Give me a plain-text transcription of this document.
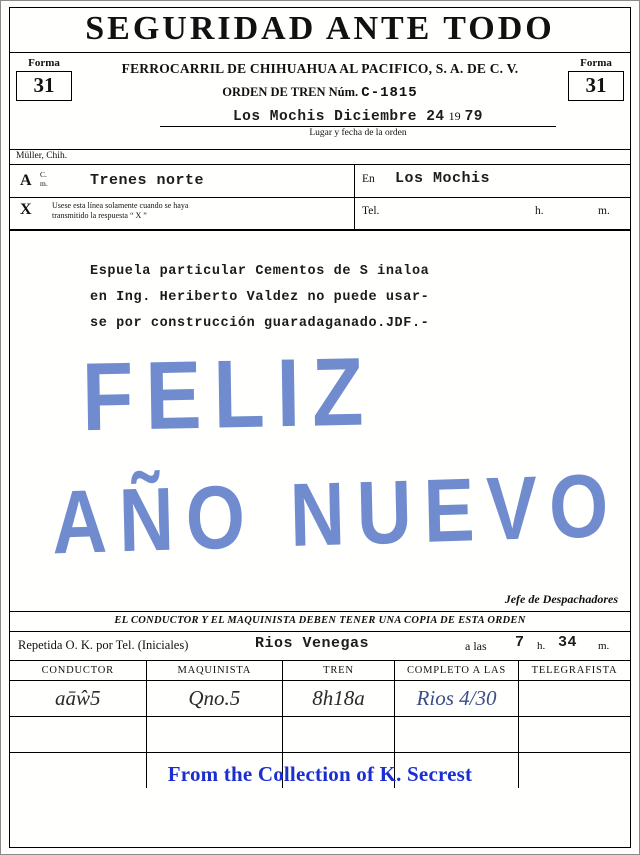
SEGURIDAD ANTE TODO
Forma
31
Forma
31
FERROCARRIL DE CHIHUAHUA AL PACIFICO, S. A. DE C. V.
ORDEN DE TREN Núm. C-1815
Los Mochis Diciembre 24 19 79
Lugar y fecha de la orden
Müller, Chih.
A C.
m.	Trenes norte
X	Usese esta línea solamente cuando se haya
transmitido la respuesta “ X ”
En Los Mochis
Tel.	h.	m.
Espuela particular Cementos de S inaloa
en Ing. Heriberto Valdez no puede usar-
se por construcción guaradaganado.JDF.-
FELIZ
AÑO NUEVO
Jefe de Despachadores
EL CONDUCTOR Y EL MAQUINISTA DEBEN TENER UNA COPIA DE ESTA ORDEN
Repetida O. K. por Tel. (Iniciales)	Rios Venegas	a las 7 h. 34 m.
CONDUCTOR	MAQUINISTA	TREN	COMPLETO A LAS	TELEGRAFISTA
aāŵ5	Qno.5	8h18a	Rios 4/30	

From the Collection of K. Secrest
